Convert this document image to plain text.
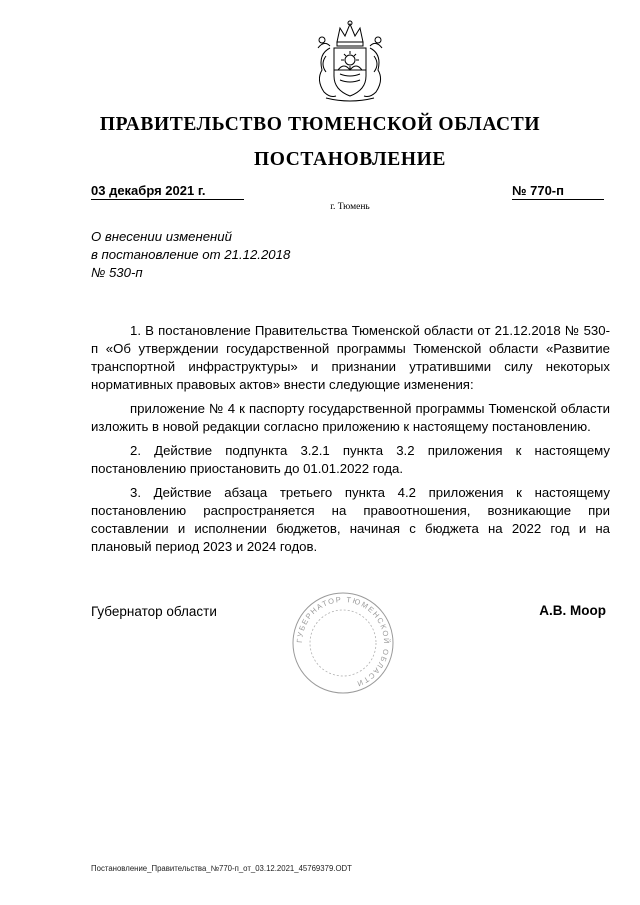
ПРАВИТЕЛЬСТВО ТЮМЕНСКОЙ ОБЛАСТИ
ПОСТАНОВЛЕНИЕ
03 декабря 2021 г.	№ 770-п
г. Тюмень
О внесении изменений
в постановление от 21.12.2018
№ 530-п

1. В постановление Правительства Тюменской области от 21.12.2018 № 530-п «Об утверждении государственной программы Тюменской области «Развитие транспортной инфраструктуры» и признании утратившими силу некоторых нормативных правовых актов» внести следующие изменения:

приложение № 4 к паспорту государственной программы Тюменской области изложить в новой редакции согласно приложению к настоящему постановлению.

2. Действие подпункта 3.2.1 пункта 3.2 приложения к настоящему постановлению приостановить до 01.01.2022 года.

3. Действие абзаца третьего пункта 4.2 приложения к настоящему постановлению распространяется на правоотношения, возникающие при составлении и исполнении бюджетов, начиная с бюджета на 2022 год и на плановый период 2023 и 2024 годов.

Губернатор области
ГУБЕРНАТОР ТЮМЕНСКОЙ ОБЛАСТИ
А.В. Моор
Постановление_Правительства_№770-п_от_03.12.2021_45769379.ODT
